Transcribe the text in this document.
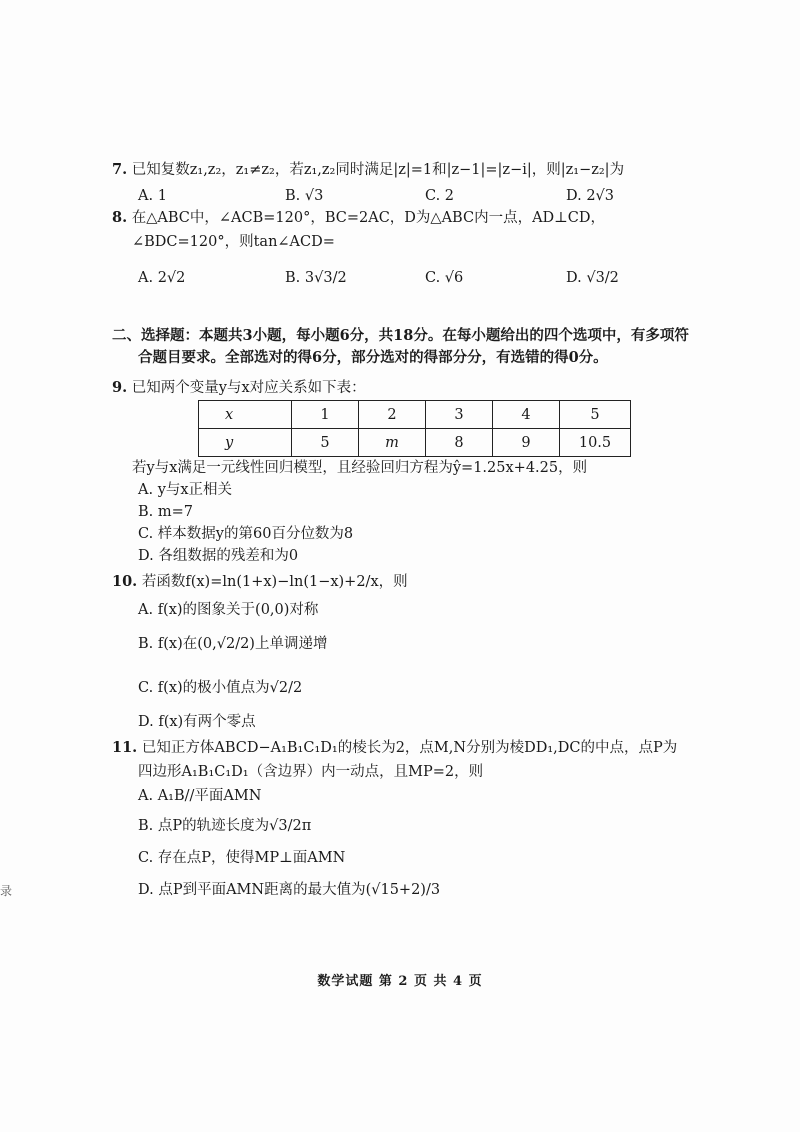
7. 已知复数z₁,z₂，z₁≠z₂，若z₁,z₂同时满足|z|=1和|z−1|=|z−i|，则|z₁−z₂|为
A. 1	B. √3	C. 2	D. 2√3
8. 在△ABC中，∠ACB=120°，BC=2AC，D为△ABC内一点，AD⊥CD，
∠BDC=120°，则tan∠ACD=
A. 2√2	B. 3√3/2	C. √6	D. √3/2
二、选择题：本题共3小题，每小题6分，共18分。在每小题给出的四个选项中，有多项符
合题目要求。全部选对的得6分，部分选对的得部分分，有选错的得0分。
9. 已知两个变量y与x对应关系如下表：
x	1	2	3	4	5
y	5	m	8	9	10.5
若y与x满足一元线性回归模型，且经验回归方程为ŷ=1.25x+4.25，则
A. y与x正相关
B. m=7
C. 样本数据y的第60百分位数为8
D. 各组数据的残差和为0
10. 若函数f(x)=ln(1+x)−ln(1−x)+2/x，则
A. f(x)的图象关于(0,0)对称
B. f(x)在(0,√2/2)上单调递增
C. f(x)的极小值点为√2/2
D. f(x)有两个零点
11. 已知正方体ABCD−A₁B₁C₁D₁的棱长为2，点M,N分别为棱DD₁,DC的中点，点P为
四边形A₁B₁C₁D₁（含边界）内一动点，且MP=2，则
A. A₁B//平面AMN
B. 点P的轨迹长度为√3/2π
C. 存在点P，使得MP⊥面AMN
D. 点P到平面AMN距离的最大值为(√15+2)/3
录
数学试题 第 2 页 共 4 页
